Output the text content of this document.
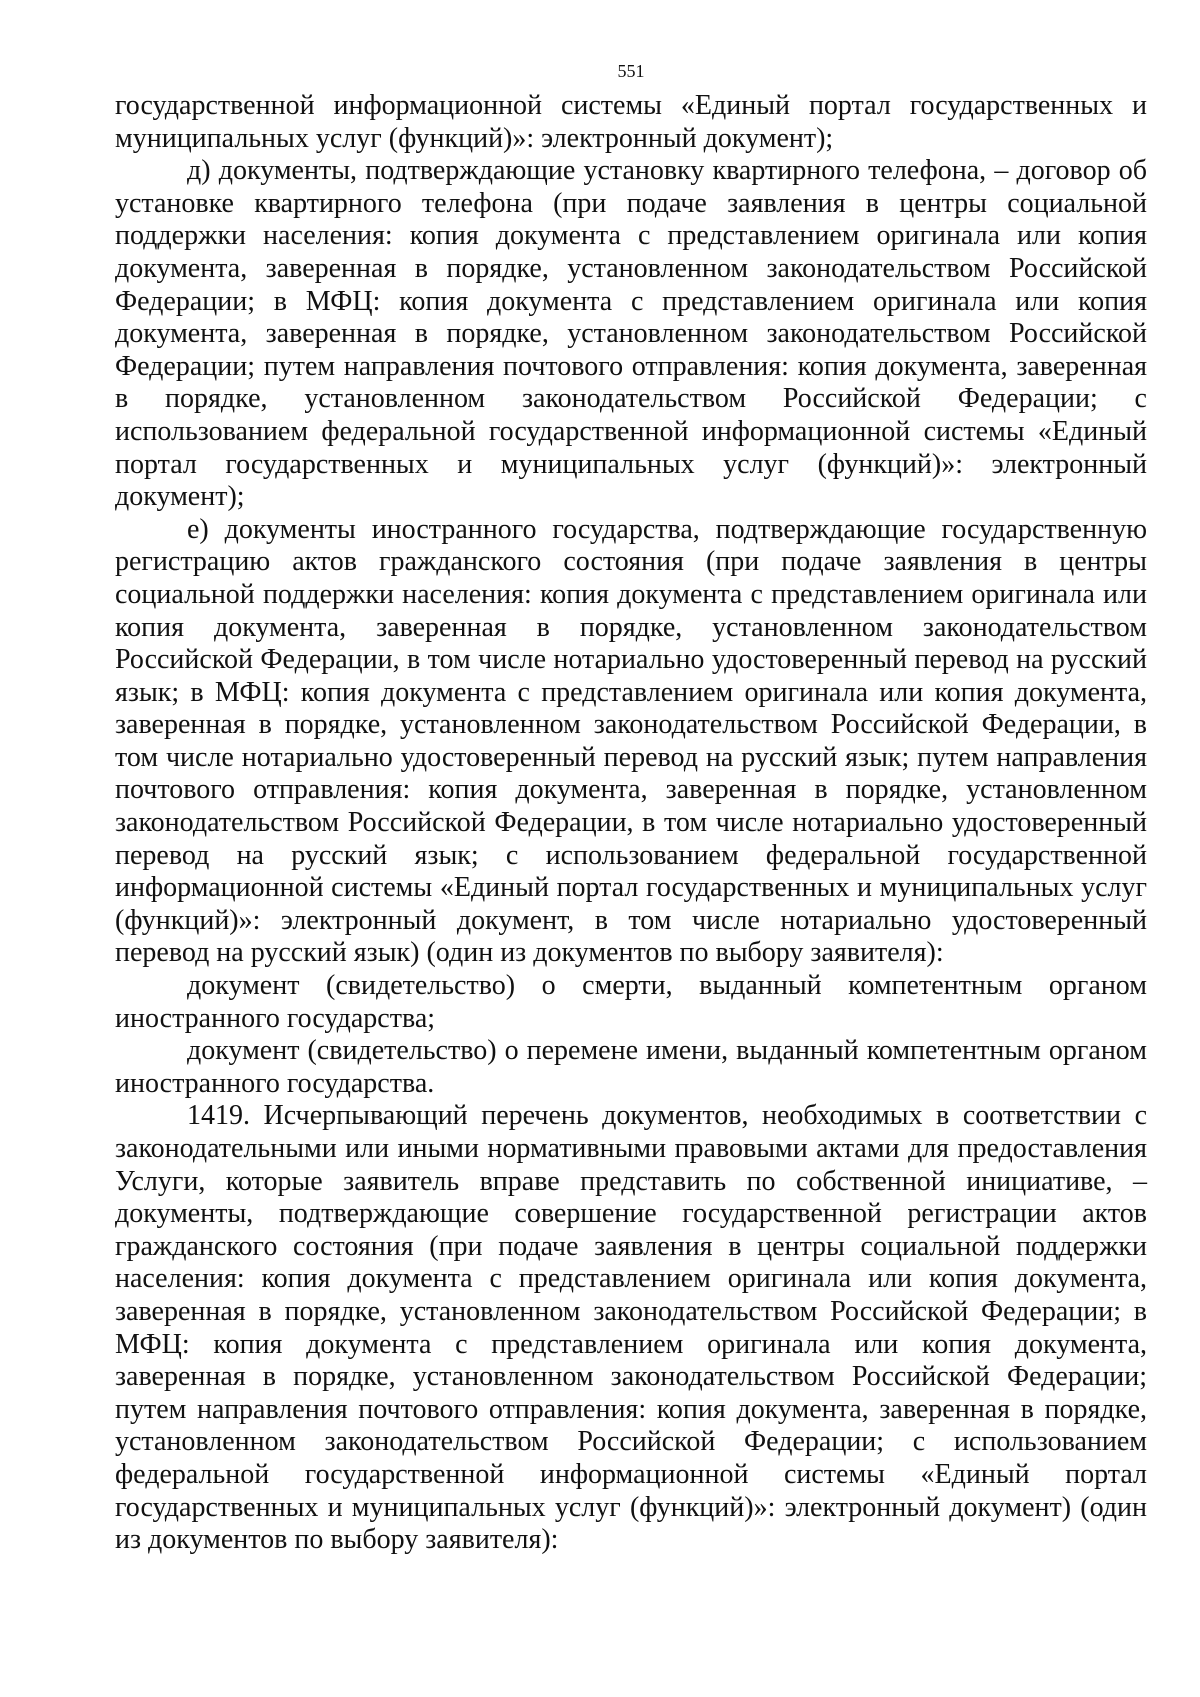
551

государственной информационной системы «Единый портал государственных и муниципальных услуг (функций)»: электронный документ);

д) документы, подтверждающие установку квартирного телефона, – договор об установке квартирного телефона (при подаче заявления в центры социальной поддержки населения: копия документа с представлением оригинала или копия документа, заверенная в порядке, установленном законодательством Российской Федерации; в МФЦ: копия документа с представлением оригинала или копия документа, заверенная в порядке, установленном законодательством Российской Федерации; путем направления почтового отправления: копия документа, заверенная в порядке, установленном законодательством Российской Федерации; с использованием федеральной государственной информационной системы «Единый портал государственных и муниципальных услуг (функций)»: электронный документ);

е) документы иностранного государства, подтверждающие государственную регистрацию актов гражданского состояния (при подаче заявления в центры социальной поддержки населения: копия документа с представлением оригинала или копия документа, заверенная в порядке, установленном законодательством Российской Федерации, в том числе нотариально удостоверенный перевод на русский язык; в МФЦ: копия документа с представлением оригинала или копия документа, заверенная в порядке, установленном законодательством Российской Федерации, в том числе нотариально удостоверенный перевод на русский язык; путем направления почтового отправления: копия документа, заверенная в порядке, установленном законодательством Российской Федерации, в том числе нотариально удостоверенный перевод на русский язык; с использованием федеральной государственной информационной системы «Единый портал государственных и муниципальных услуг (функций)»: электронный документ, в том числе нотариально удостоверенный перевод на русский язык) (один из документов по выбору заявителя):

документ (свидетельство) о смерти, выданный компетентным органом иностранного государства;

документ (свидетельство) о перемене имени, выданный компетентным органом иностранного государства.

1419. Исчерпывающий перечень документов, необходимых в соответствии с законодательными или иными нормативными правовыми актами для предоставления Услуги, которые заявитель вправе представить по собственной инициативе, – документы, подтверждающие совершение государственной регистрации актов гражданского состояния (при подаче заявления в центры социальной поддержки населения: копия документа с представлением оригинала или копия документа, заверенная в порядке, установленном законодательством Российской Федерации; в МФЦ: копия документа с представлением оригинала или копия документа, заверенная в порядке, установленном законодательством Российской Федерации; путем направления почтового отправления: копия документа, заверенная в порядке, установленном законодательством Российской Федерации; с использованием федеральной государственной информационной системы «Единый портал государственных и муниципальных услуг (функций)»: электронный документ) (один из документов по выбору заявителя):
